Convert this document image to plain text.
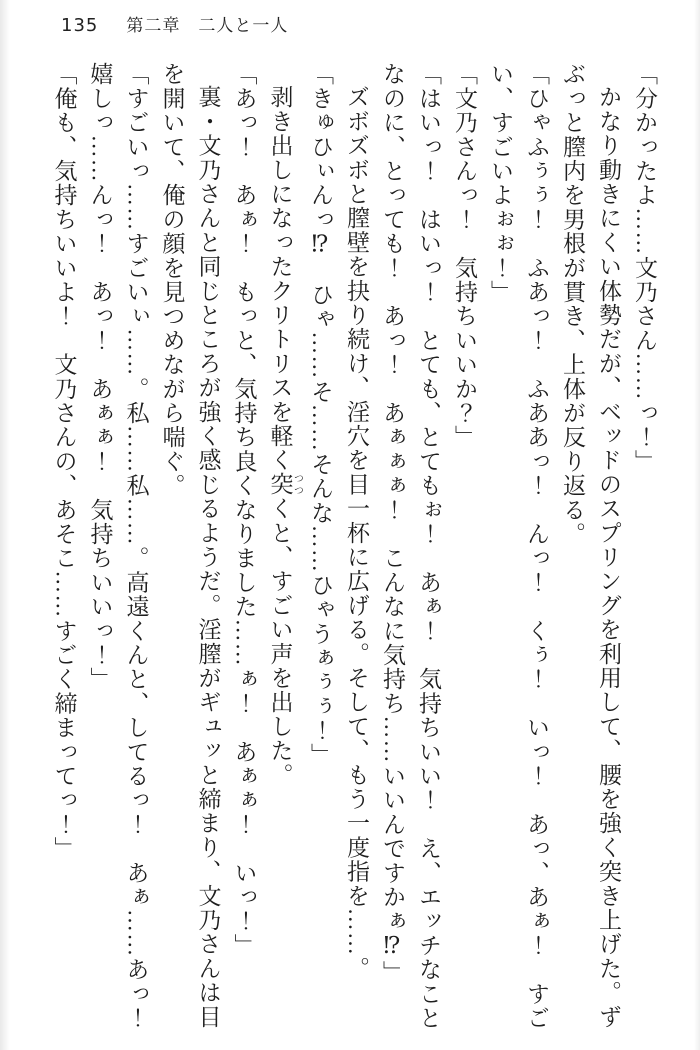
135 第二章　二人と一人
「分かったよ……文乃さん……っ！」
かなり動きにくい体勢だが、ベッドのスプリングを利用して、腰を強く突き上げた。ず
ぶっと膣内を男根が貫き、上体が反り返る。
「ひゃふぅぅ！　ふあっ！　ふああっ！　んっ！　くぅ！　いっ！　あっ、あぁ！　すご
い、すごいよぉぉ！」
「文乃さんっ！　気持ちいいか？」
「はいっ！　はいっ！　とても、とてもぉ！　あぁ！　気持ちいい！　え、エッチなこと
なのに、とっても！　あっ！　あぁぁぁ！　こんなに気持ち……いいんですかぁ⁉」
ズボズボと膣壁を抉り続け、淫穴を目一杯に広げる。そして、もう一度指を……。
「きゅひぃんっ⁉　ひゃ……そ……そんな……ひゃうぁぅぅ！」
剥き出しになったクリトリスを軽く突 つつくと、すごい声を出した。
「あっ！　あぁ！　もっと、気持ち良くなりました……ぁ！　あぁぁ！　いっ！」
裏・文乃さんと同じところが強く感じるようだ。淫膣がギュッと締まり、文乃さんは目
を開いて、俺の顔を見つめながら喘ぐ。
「すごいっ……すごいぃ……。私……私……。高遠くんと、してるっ！　あぁ……あっ！
嬉しっ……んっ！　あっ！　あぁぁ！　気持ちいいっ！」
「俺も、気持ちいいよ！　文乃さんの、あそこ……すごく締まってっ！」
